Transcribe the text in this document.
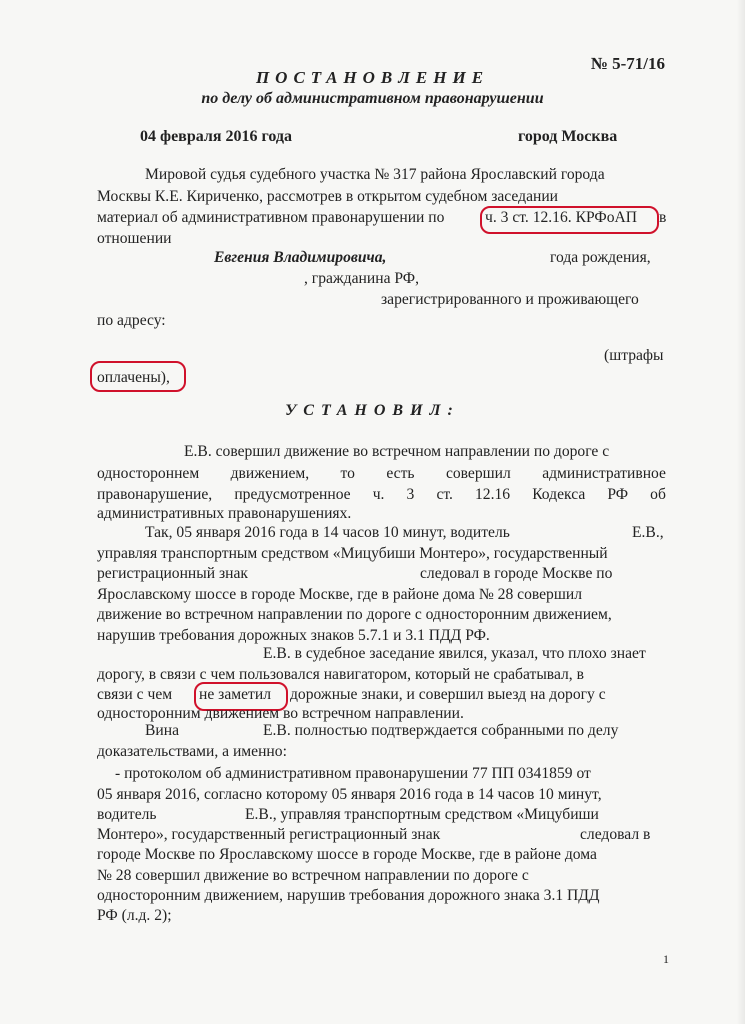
№ 5-71/16
ПОСТАНОВЛЕНИЕ
по делу об административном правонарушении
04 февраля 2016 года	город Москва
Мировой судья судебного участка № 317 района Ярославский города
Москвы К.Е. Кириченко, рассмотрев в открытом судебном заседании
материал об административном правонарушении по	ч. 3 ст. 12.16. КРФоАП в
отношении
Евгения Владимировича,	года рождения,
, гражданина РФ,
зарегистрированного и проживающего
по адресу:
(штрафы
оплачены),
УСТАНОВИЛ:
Е.В. совершил движение во встречном направлении по дороге с
одностороннем движением, то есть совершил административное
правонарушение, предусмотренное ч. 3 ст. 12.16 Кодекса РФ об
административных правонарушениях.
Так, 05 января 2016 года в 14 часов 10 минут, водитель	Е.В.,
управляя транспортным средством «Мицубиши Монтеро», государственный
регистрационный знак	следовал в городе Москве по
Ярославскому шоссе в городе Москве, где в районе дома № 28 совершил
движение во встречном направлении по дороге с односторонним движением,
нарушив требования дорожных знаков 5.7.1 и 3.1 ПДД РФ.
Е.В. в судебное заседание явился, указал, что плохо знает
дорогу, в связи с чем пользовался навигатором, который не срабатывал, в
связи с чем не заметил дорожные знаки, и совершил выезд на дорогу с
односторонним движением во встречном направлении.
Вина	Е.В. полностью подтверждается собранными по делу
доказательствами, а именно:
- протоколом об административном правонарушении 77 ПП 0341859 от
05 января 2016, согласно которому 05 января 2016 года в 14 часов 10 минут,
водитель	Е.В., управляя транспортным средством «Мицубиши
Монтеро», государственный регистрационный знак	следовал в
городе Москве по Ярославскому шоссе в городе Москве, где в районе дома
№ 28 совершил движение во встречном направлении по дороге с
односторонним движением, нарушив требования дорожного знака 3.1 ПДД
РФ (л.д. 2);
1
